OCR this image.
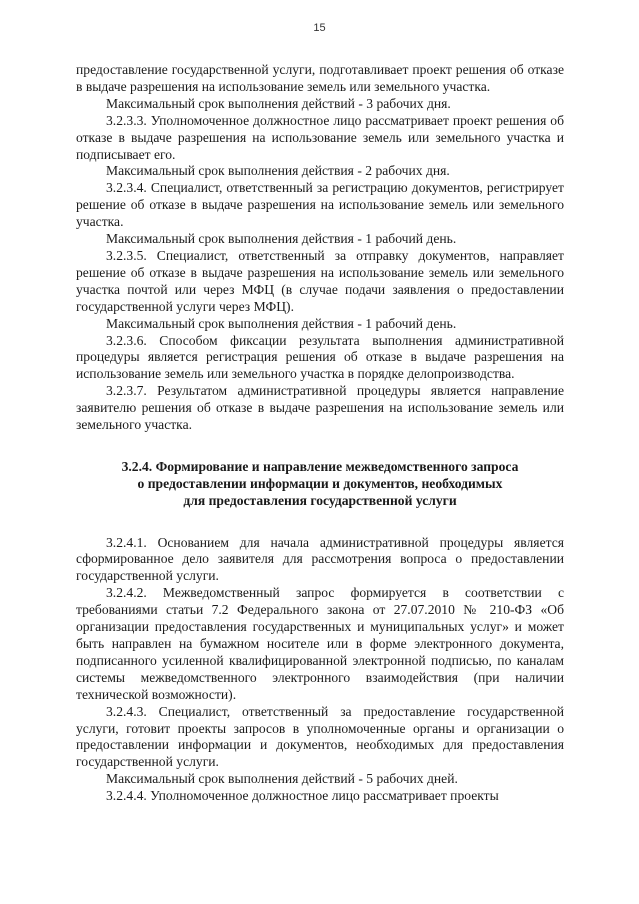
15

предоставление государственной услуги, подготавливает проект решения об отказе в выдаче разрешения на использование земель или земельного участка.

Максимальный срок выполнения действий - 3 рабочих дня.

3.2.3.3. Уполномоченное должностное лицо рассматривает проект решения об отказе в выдаче разрешения на использование земель или земельного участка и подписывает его.

Максимальный срок выполнения действия - 2 рабочих дня.

3.2.3.4. Специалист, ответственный за регистрацию документов, регистрирует решение об отказе в выдаче разрешения на использование земель или земельного участка.

Максимальный срок выполнения действия - 1 рабочий день.

3.2.3.5. Специалист, ответственный за отправку документов, направляет решение об отказе в выдаче разрешения на использование земель или земельного участка почтой или через МФЦ (в случае подачи заявления о предоставлении государственной услуги через МФЦ).

Максимальный срок выполнения действия - 1 рабочий день.

3.2.3.6. Способом фиксации результата выполнения административной процедуры является регистрация решения об отказе в выдаче разрешения на использование земель или земельного участка в порядке делопроизводства.

3.2.3.7. Результатом административной процедуры является направление заявителю решения об отказе в выдаче разрешения на использование земель или земельного участка.

3.2.4. Формирование и направление межведомственного запроса
о предоставлении информации и документов, необходимых
для предоставления государственной услуги

3.2.4.1. Основанием для начала административной процедуры является сформированное дело заявителя для рассмотрения вопроса о предоставлении государственной услуги.

3.2.4.2. Межведомственный запрос формируется в соответствии с требованиями статьи 7.2 Федерального закона от 27.07.2010 № 210-ФЗ «Об организации предоставления государственных и муниципальных услуг» и может быть направлен на бумажном носителе или в форме электронного документа, подписанного усиленной квалифицированной электронной подписью, по каналам системы межведомственного электронного взаимодействия (при наличии технической возможности).

3.2.4.3. Специалист, ответственный за предоставление государственной услуги, готовит проекты запросов в уполномоченные органы и организации о предоставлении информации и документов, необходимых для предоставления государственной услуги.

Максимальный срок выполнения действий - 5 рабочих дней.

3.2.4.4. Уполномоченное должностное лицо рассматривает проекты
